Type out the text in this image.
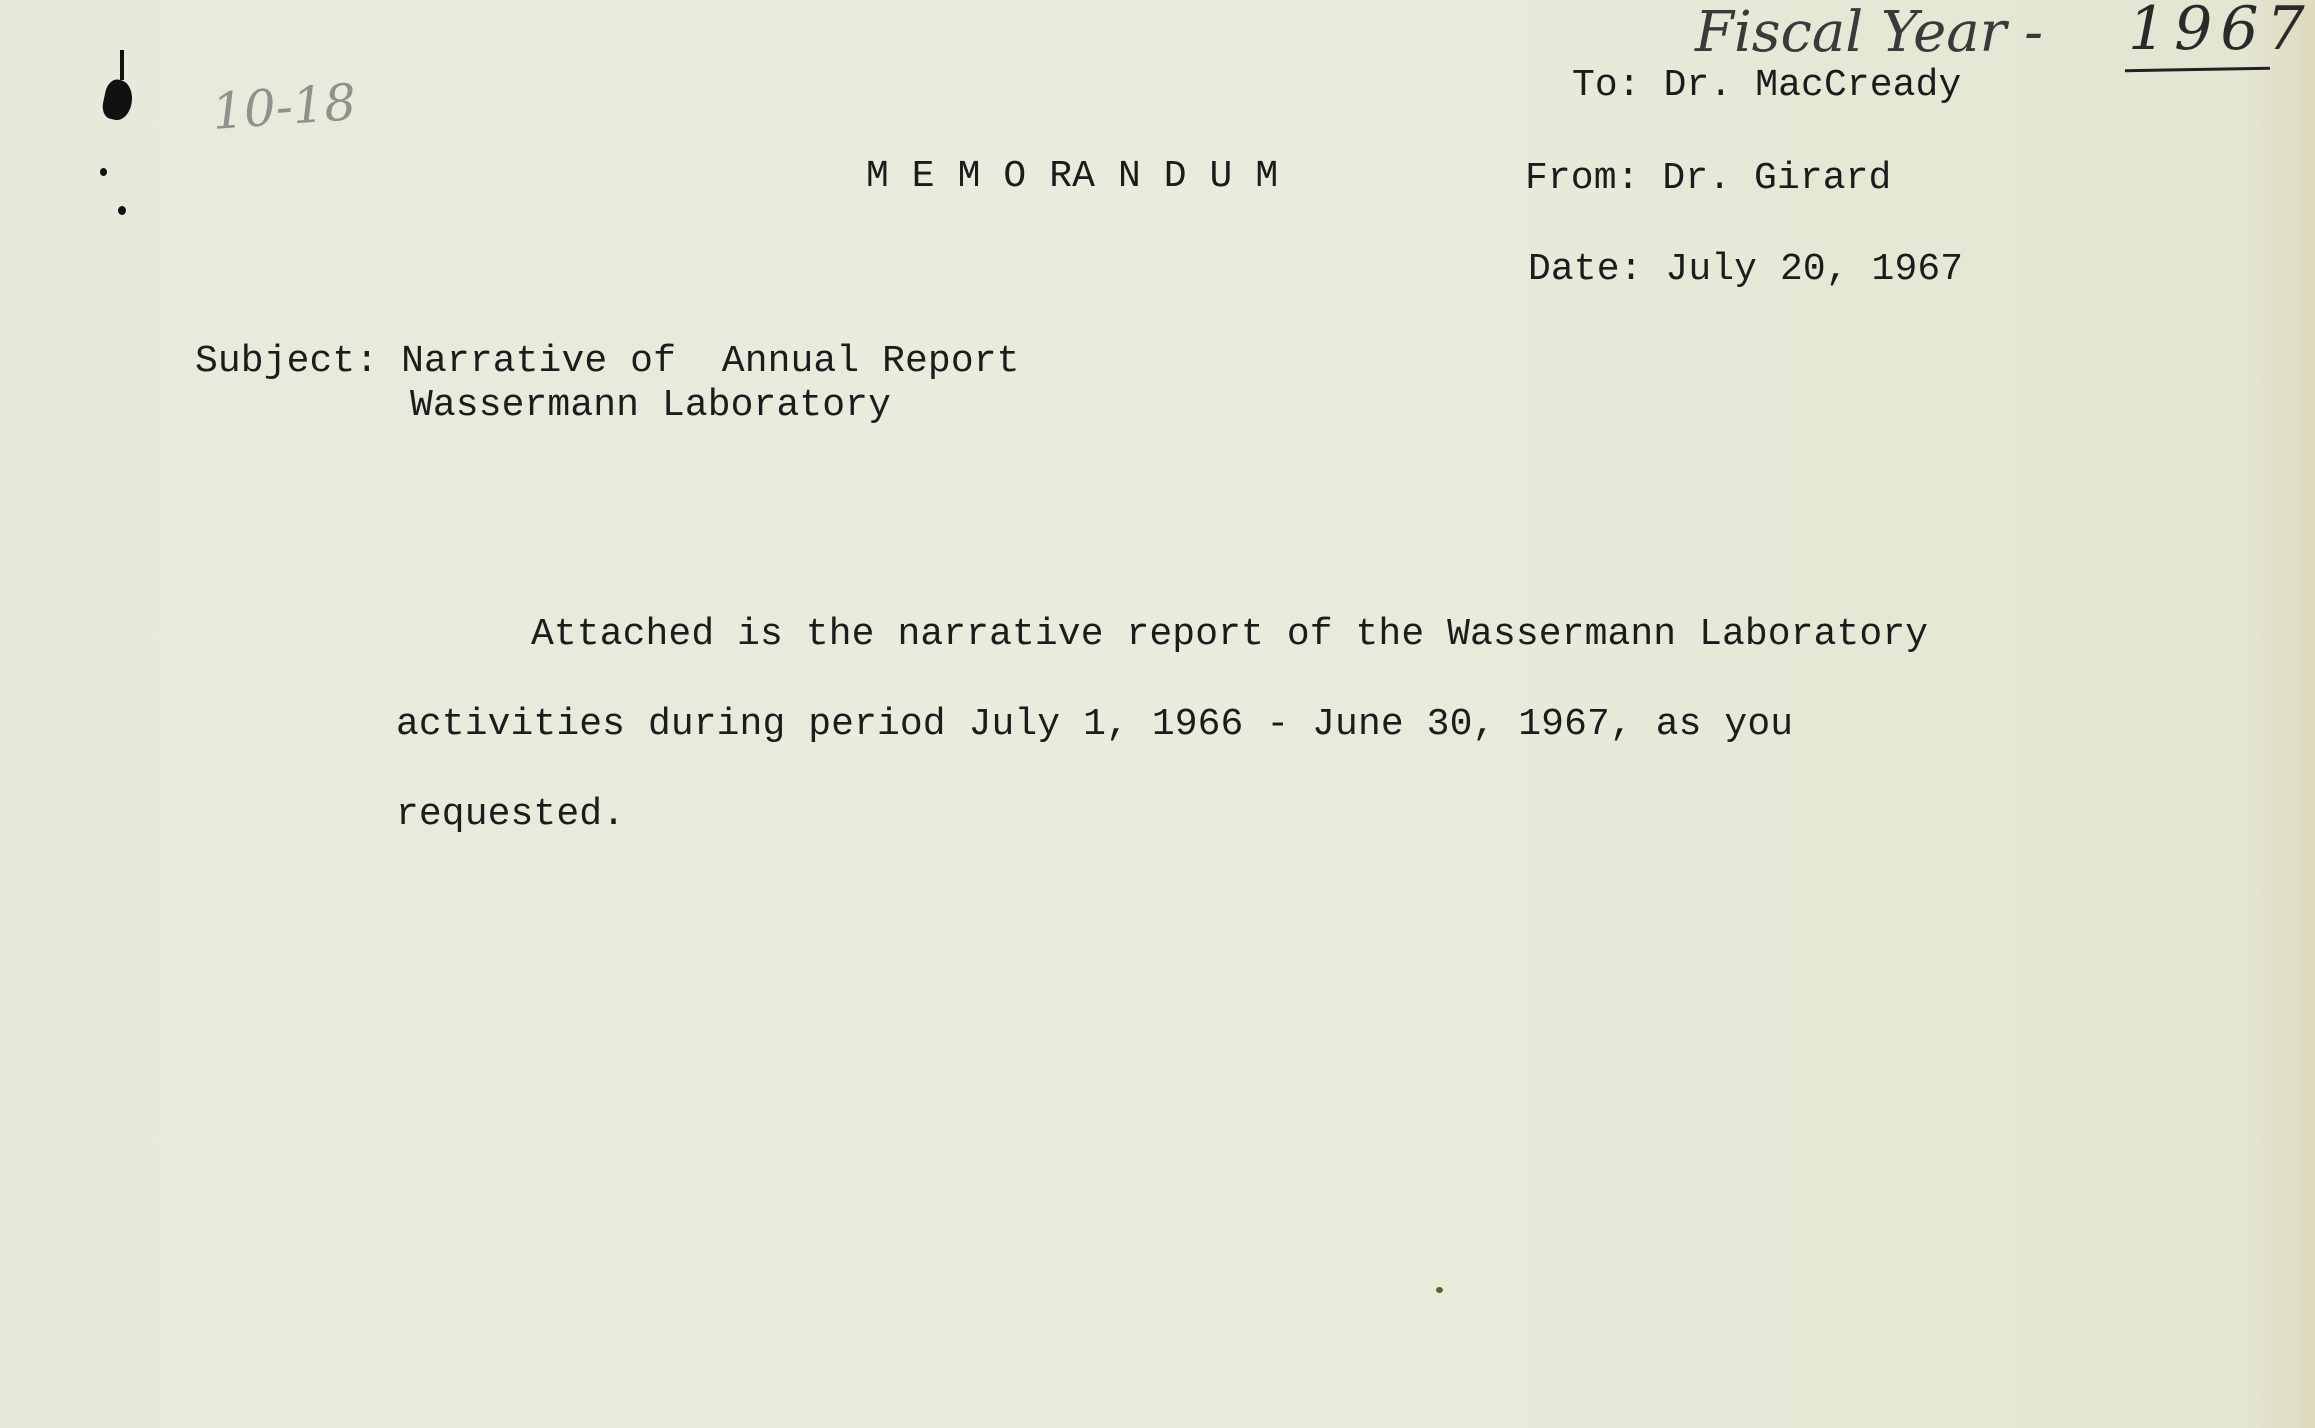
10-18
Fiscal Year - 1967
M E M O RA N D U M
To: Dr. MacCready
From: Dr. Girard
Date: July 20, 1967
Subject: Narrative of  Annual Report
Wassermann Laboratory
Attached is the narrative report of the Wassermann Laboratory
activities during period July 1, 1966 - June 30, 1967, as you
requested.
